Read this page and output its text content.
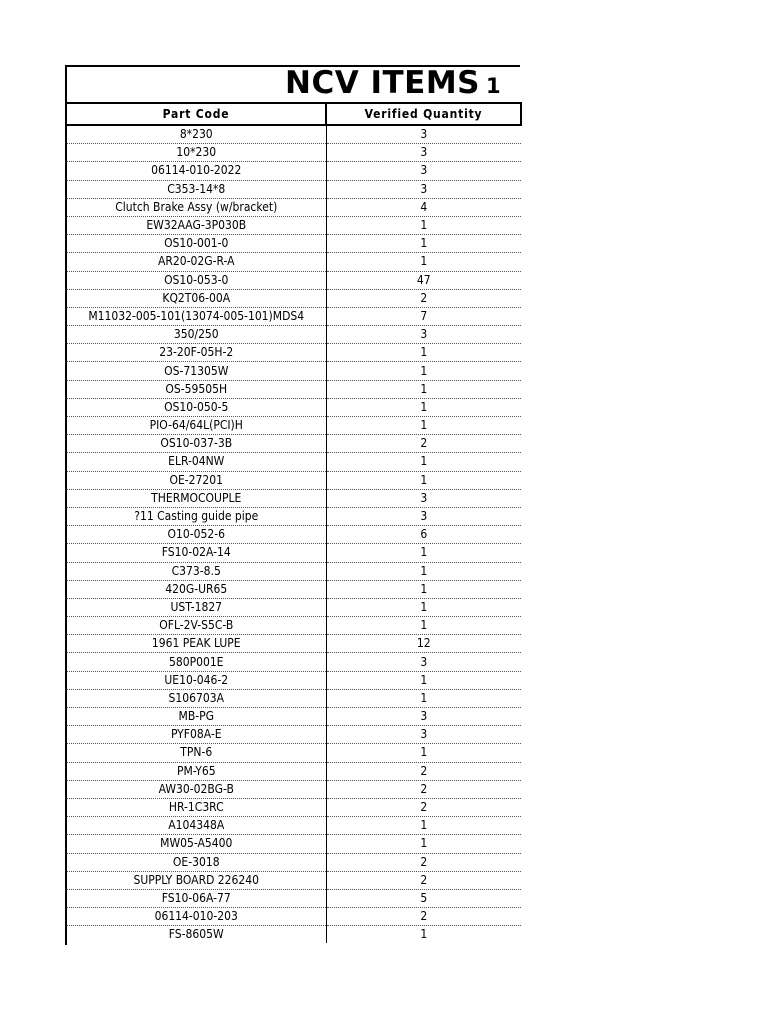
NCV ITEMS 1
Part Code	Verified Quantity
8*230	3
10*230	3
06114-010-2022	3
C353-14*8	3
Clutch Brake Assy (w/bracket)	4
EW32AAG-3P030B	1
OS10-001-0	1
AR20-02G-R-A	1
OS10-053-0	47
KQ2T06-00A	2
M11032-005-101(13074-005-101)MDS4	7
350/250	3
23-20F-05H-2	1
OS-71305W	1
OS-59505H	1
OS10-050-5	1
PIO-64/64L(PCI)H	1
OS10-037-3B	2
ELR-04NW	1
OE-27201	1
THERMOCOUPLE	3
?11 Casting guide pipe	3
O10-052-6	6
FS10-02A-14	1
C373-8.5	1
420G-UR65	1
UST-1827	1
OFL-2V-S5C-B	1
1961 PEAK LUPE	12
580P001E	3
UE10-046-2	1
S106703A	1
MB-PG	3
PYF08A-E	3
TPN-6	1
PM-Y65	2
AW30-02BG-B	2
HR-1C3RC	2
A104348A	1
MW05-A5400	1
OE-3018	2
SUPPLY BOARD 226240	2
FS10-06A-77	5
06114-010-203	2
FS-8605W	1
